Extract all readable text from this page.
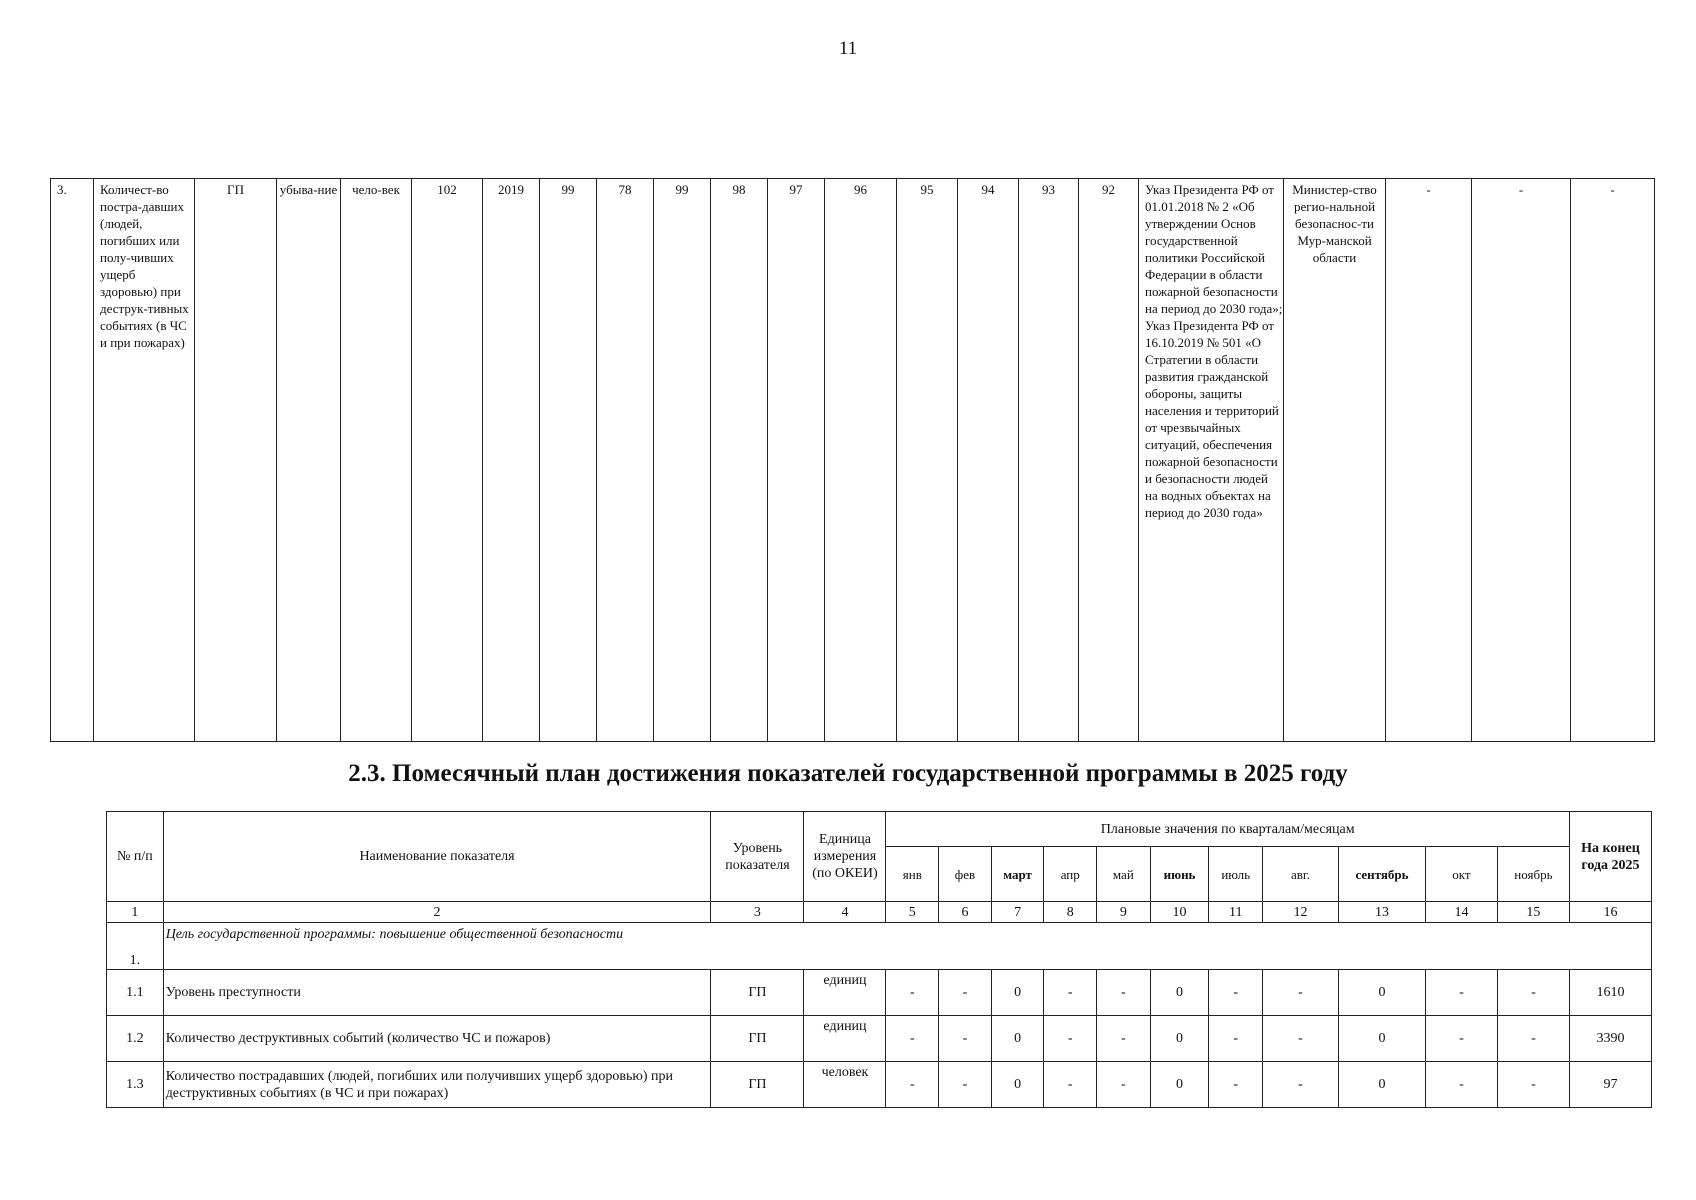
11
3.	Количест-во постра-давших (людей, погибших или полу-чивших ущерб здоровью) при деструк-тивных событиях (в ЧС и при пожарах)	ГП	убыва-ние	чело-век	102	2019	99	78	99	98	97	96	95	94	93	92	Указ Президента РФ от 01.01.2018 № 2 «Об утверждении Основ государственной политики Российской Федерации в области пожарной безопасности на период до 2030 года»; Указ Президента РФ от 16.10.2019 № 501 «О Стратегии в области развития гражданской обороны, защиты населения и территорий от чрезвычайных ситуаций, обеспечения пожарной безопасности и безопасности людей на водных объектах на период до 2030 года»	Министер-ство регио-нальной безопаснос-ти Мур-манской области	-	-	-
2.3. Помесячный план достижения показателей государственной программы в 2025 году
№ п/п	Наименование показателя	Уровень показателя	Единица измерения (по ОКЕИ)	Плановые значения по кварталам/месяцам											На конец года 2025
				янв	фев	март	апр	май	июнь	июль	авг.	сентябрь	окт	ноябрь	
1	2	3	4	5	6	7	8	9	10	11	12	13	14	15	16
1.	Цель государственной программы: повышение общественной безопасности														
1.1	Уровень преступности	ГП	единиц	-	-	0	-	-	0	-	-	0	-	-	1610
1.2	Количество деструктивных событий (количество ЧС и пожаров)	ГП	единиц	-	-	0	-	-	0	-	-	0	-	-	3390
1.3	Количество пострадавших (людей, погибших или получивших ущерб здоровью) при деструктивных событиях (в ЧС и при пожарах)	ГП	человек	-	-	0	-	-	0	-	-	0	-	-	97
